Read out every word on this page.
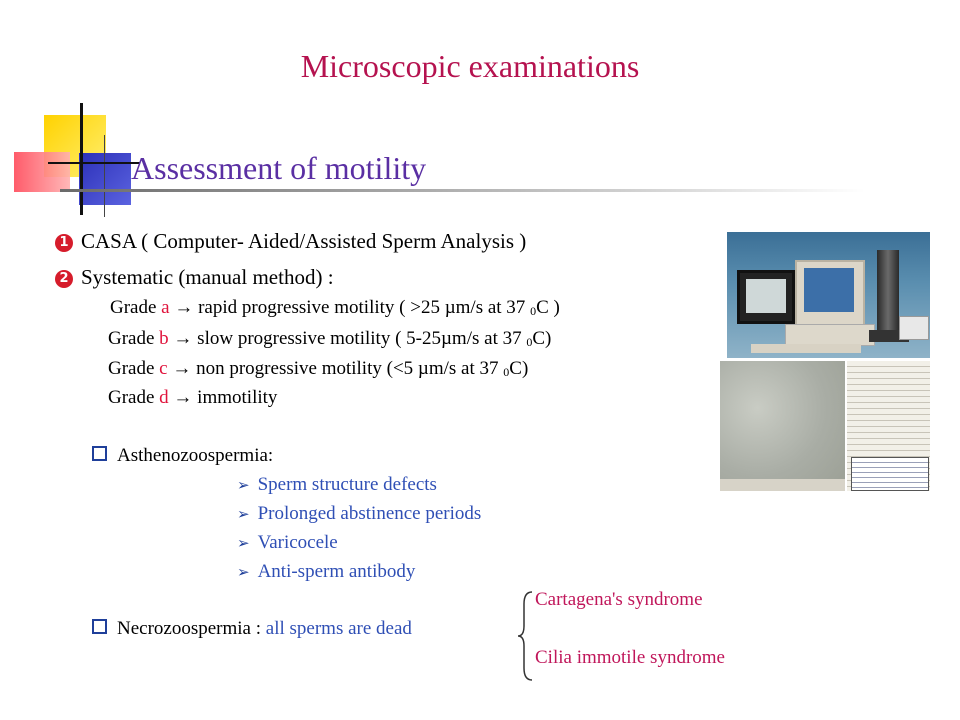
Microscopic examinations
Assessment of motility
1 CASA ( Computer- Aided/Assisted Sperm Analysis )
2 Systematic (manual method) :
Grade a → rapid progressive motility ( >25 µm/s at 37 0C )
Grade b → slow progressive motility ( 5-25µm/s at 37 0C)
Grade c → non progressive motility (<5 µm/s at 37 0C)
Grade d → immotility
Asthenozoospermia:
➢ Sperm structure defects
➢ Prolonged abstinence periods
➢ Varicocele
➢ Anti-sperm antibody
Necrozoospermia : all sperms are dead
Cartagena's syndrome
Cilia immotile syndrome
